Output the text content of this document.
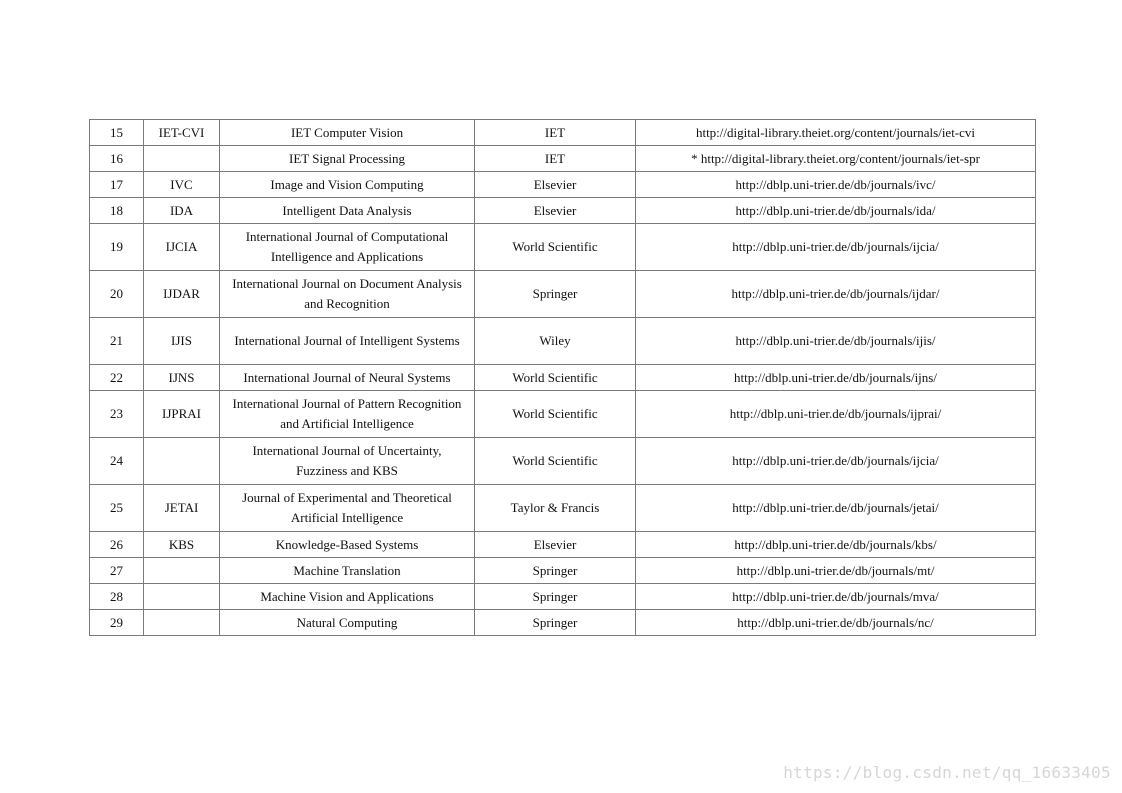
15	IET-CVI	IET Computer Vision	IET	http://digital-library.theiet.org/content/journals/iet-cvi
16		IET Signal Processing	IET	* http://digital-library.theiet.org/content/journals/iet-spr
17	IVC	Image and Vision Computing	Elsevier	http://dblp.uni-trier.de/db/journals/ivc/
18	IDA	Intelligent Data Analysis	Elsevier	http://dblp.uni-trier.de/db/journals/ida/
19	IJCIA	International Journal of Computational Intelligence and Applications	World Scientific	http://dblp.uni-trier.de/db/journals/ijcia/
20	IJDAR	International Journal on Document Analysis and Recognition	Springer	http://dblp.uni-trier.de/db/journals/ijdar/
21	IJIS	International Journal of Intelligent Systems	Wiley	http://dblp.uni-trier.de/db/journals/ijis/
22	IJNS	International Journal of Neural Systems	World Scientific	http://dblp.uni-trier.de/db/journals/ijns/
23	IJPRAI	International Journal of Pattern Recognition and Artificial Intelligence	World Scientific	http://dblp.uni-trier.de/db/journals/ijprai/
24		International Journal of Uncertainty, Fuzziness and KBS	World Scientific	http://dblp.uni-trier.de/db/journals/ijcia/
25	JETAI	Journal of Experimental and Theoretical Artificial Intelligence	Taylor & Francis	http://dblp.uni-trier.de/db/journals/jetai/
26	KBS	Knowledge-Based Systems	Elsevier	http://dblp.uni-trier.de/db/journals/kbs/
27		Machine Translation	Springer	http://dblp.uni-trier.de/db/journals/mt/
28		Machine Vision and Applications	Springer	http://dblp.uni-trier.de/db/journals/mva/
29		Natural Computing	Springer	http://dblp.uni-trier.de/db/journals/nc/
https://blog.csdn.net/qq_16633405
